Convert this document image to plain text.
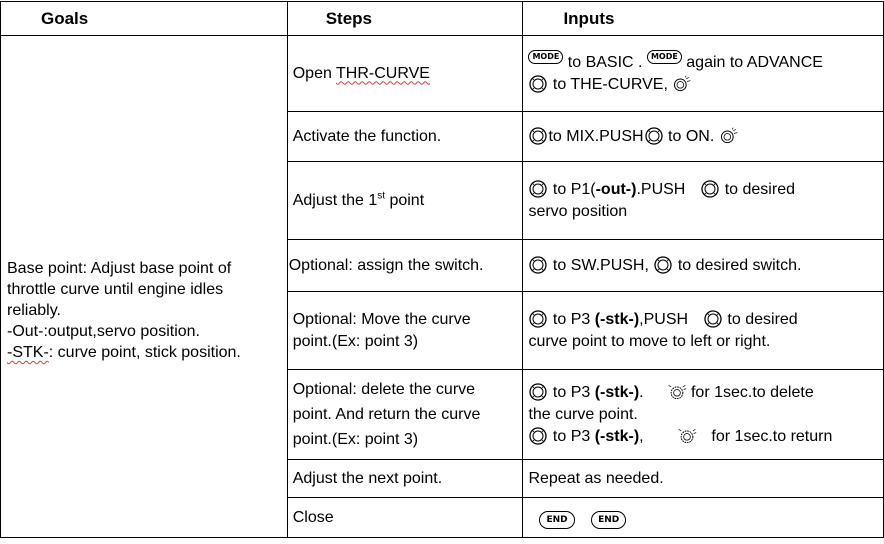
Goals	Steps	Inputs

Base point: Adjust base point of
throttle curve until engine idles
reliably.
-Out-:output,servo position.
-STK-: curve point, stick position.	Open THR-CURVE	MODE to BASIC . MODE again to ADVANCE
to THE-CURVE,
	Activate the function.	to MIX.PUSH to ON.
	Adjust the 1st point	to P1(-out-).PUSH to desired
servo position
	Optional: assign the switch.	to SW.PUSH, to desired switch.
	Optional: Move the curve
point.(Ex: point 3)	to P3 (-stk-),PUSH to desired
curve point to move to left or right.
	Optional: delete the curve
point. And return the curve
point.(Ex: point 3)	to P3 (-stk-). for 1sec.to delete
the curve point.
to P3 (-stk-), for 1sec.to return
	Adjust the next point.	Repeat as needed.
	Close	END END
